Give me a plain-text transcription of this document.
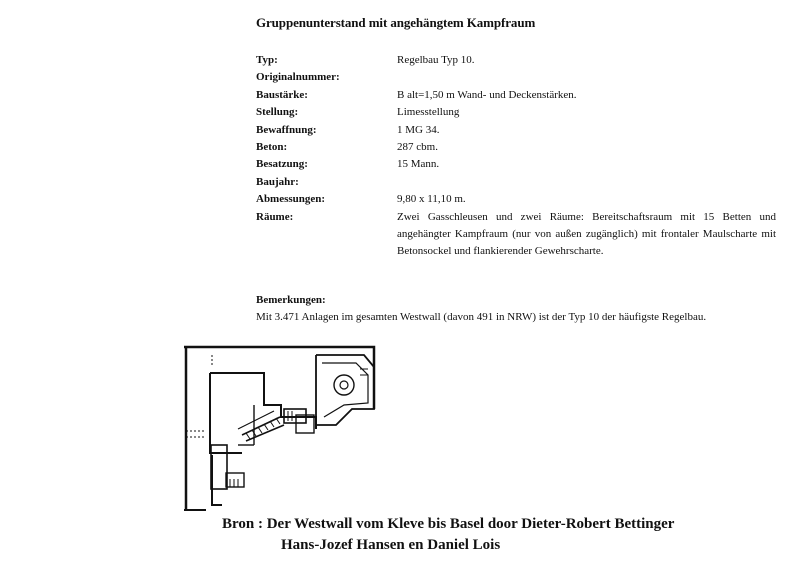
Gruppenunterstand mit angehängtem Kampfraum
Typ:	Regelbau Typ 10.
Originalnummer:
Baustärke:	B alt=1,50 m Wand- und Deckenstärken.
Stellung:	Limesstellung
Bewaffnung:	1 MG 34.
Beton:	287 cbm.
Besatzung:	15 Mann.
Baujahr:
Abmessungen:	9,80 x 11,10 m.
Räume:	Zwei Gasschleusen und zwei Räume: Bereitschaftsraum mit 15 Betten und angehängter Kampfraum (nur von außen zugänglich) mit frontaler Maulscharte mit Betonsockel und flankierender Gewehrscharte.
Bemerkungen:
Mit 3.471 Anlagen im gesamten Westwall (davon 491 in NRW) ist der Typ 10 der häufigste Regelbau.
Bron : Der Westwall vom Kleve bis Basel door Dieter-Robert Bettinger
Hans-Jozef Hansen en Daniel Lois
